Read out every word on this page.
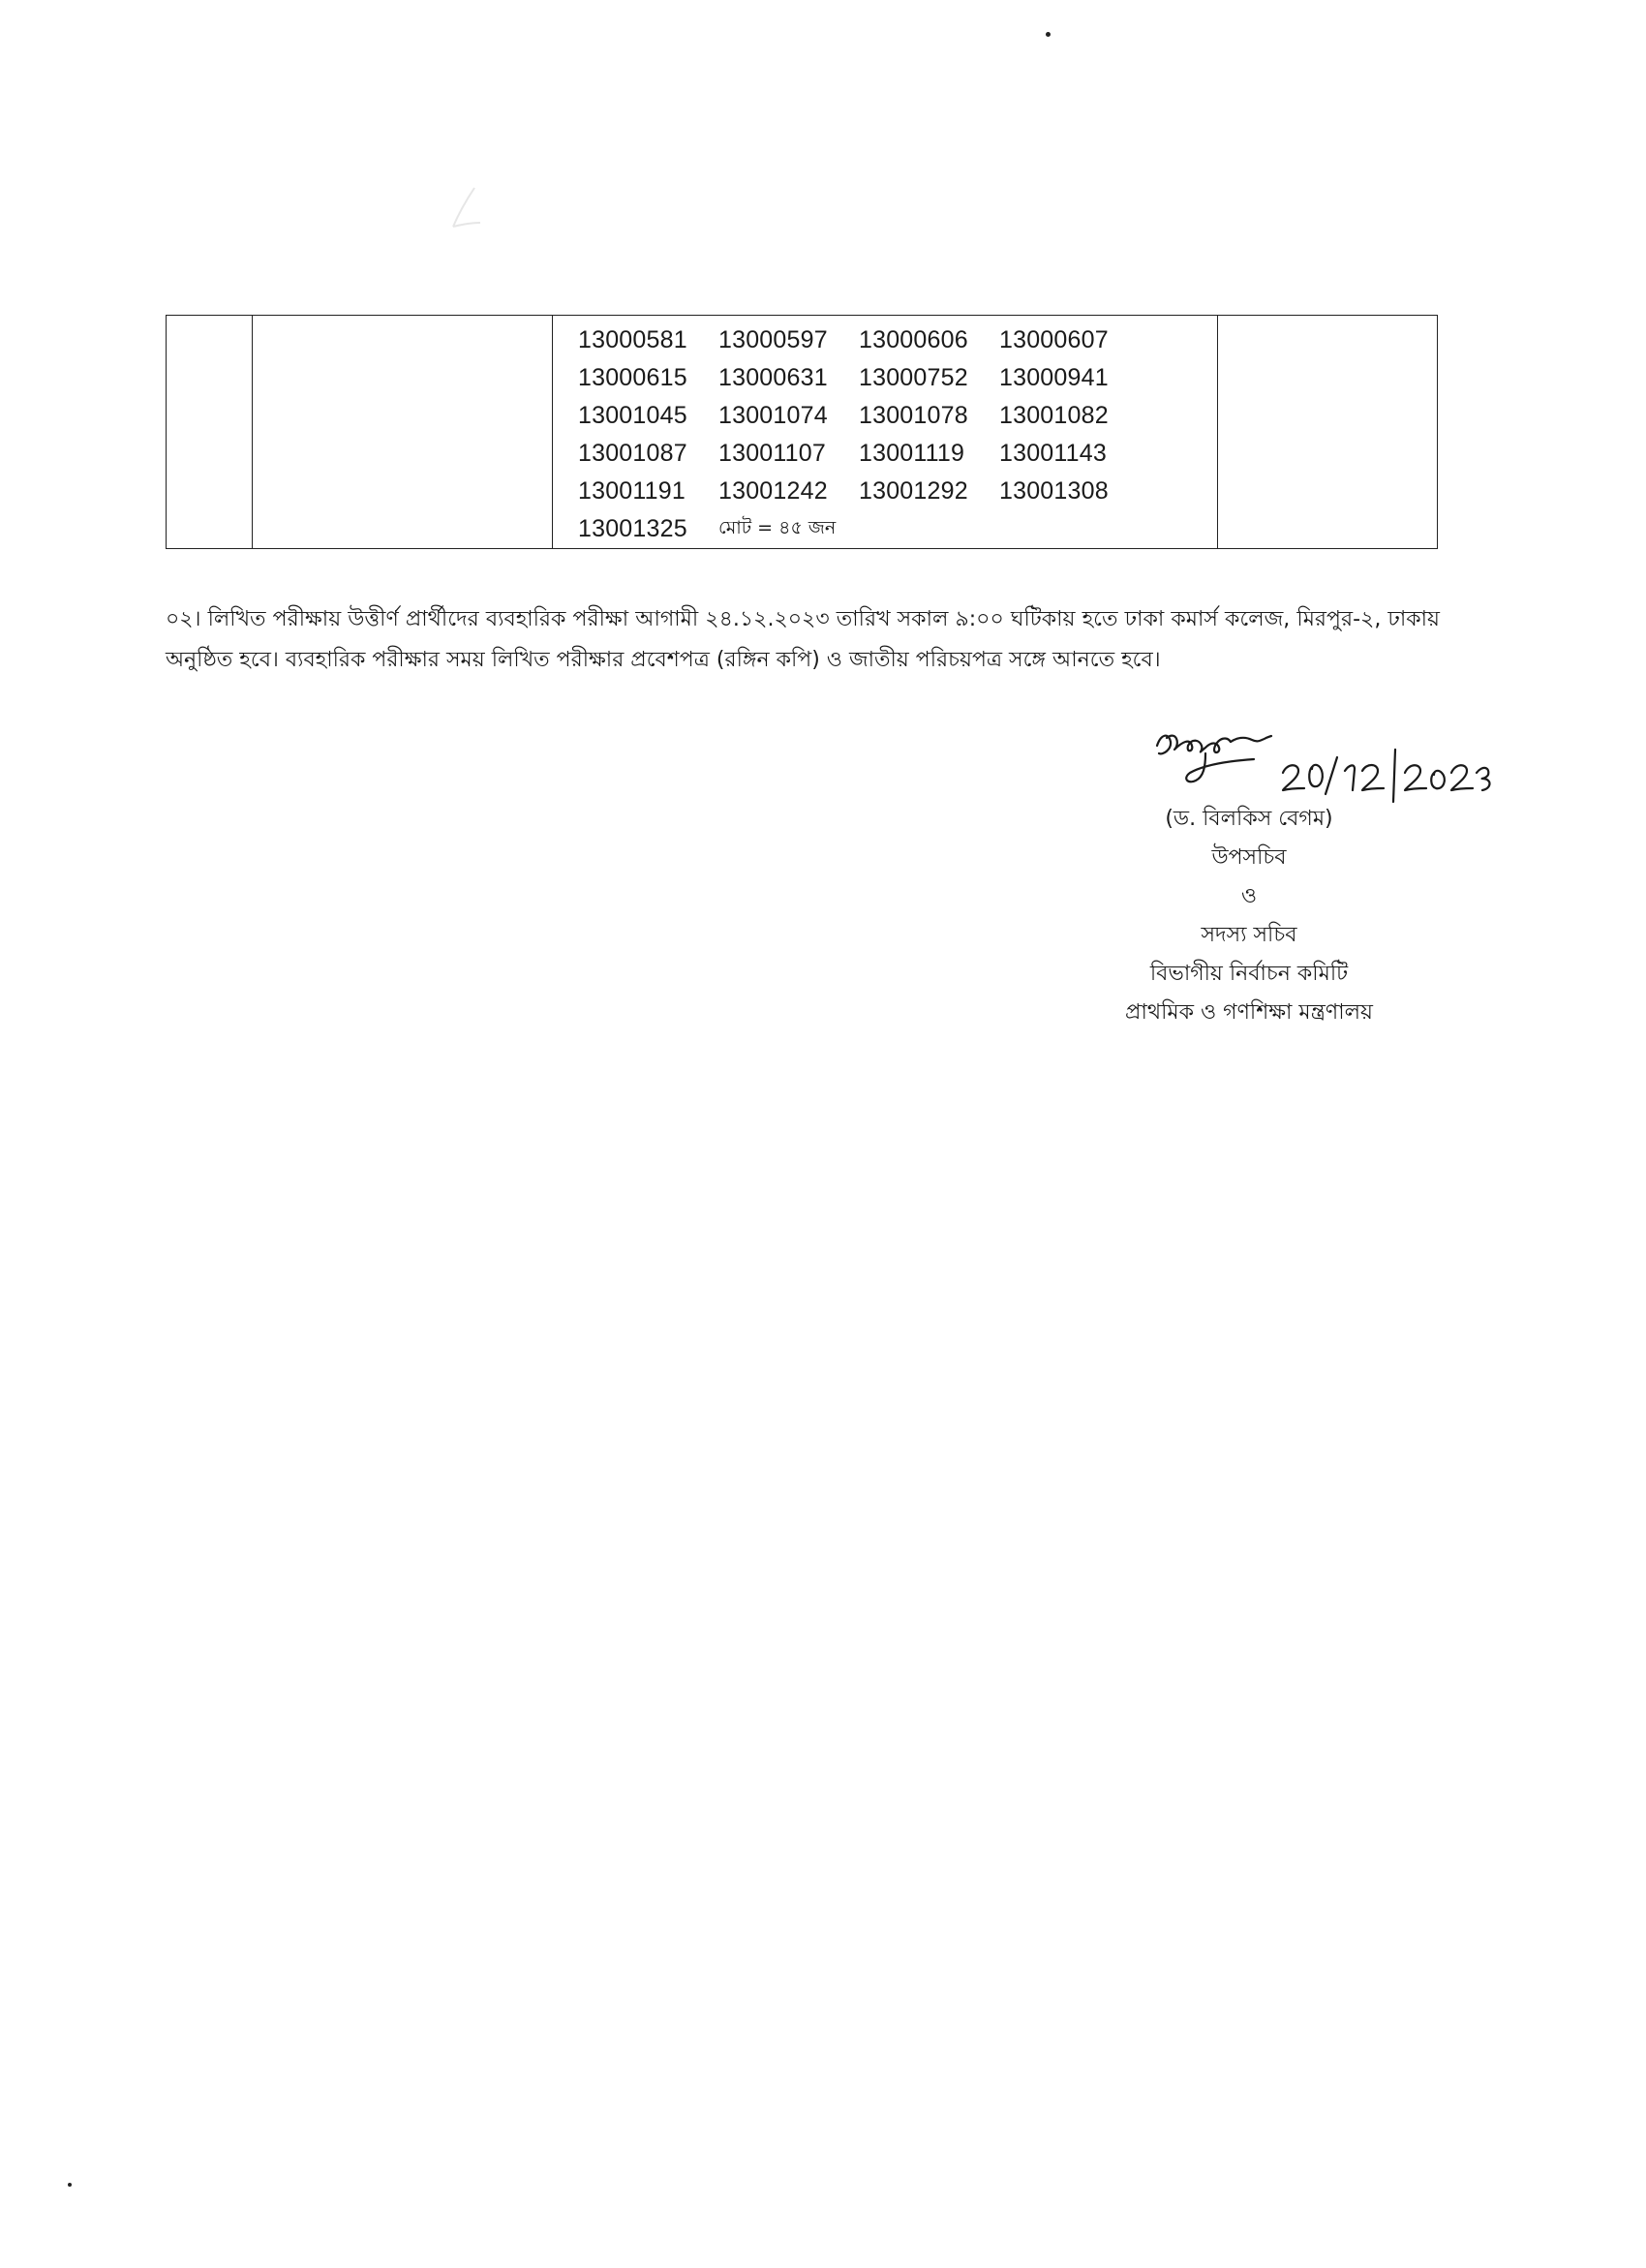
13000581	13000597	13000606	13000607
13000615	13000631	13000752	13000941
13001045	13001074	13001078	13001082
13001087	13001107	13001119	13001143
13001191	13001242	13001292	13001308
13001325	মোট = ৪৫ জন

০২। লিখিত পরীক্ষায় উত্তীর্ণ প্রার্থীদের ব্যবহারিক পরীক্ষা আগামী ২৪.১২.২০২৩ তারিখ সকাল ৯:০০ ঘটিকায় হতে ঢাকা কমার্স কলেজ, মিরপুর-২, ঢাকায় অনুষ্ঠিত হবে। ব্যবহারিক পরীক্ষার সময় লিখিত পরীক্ষার প্রবেশপত্র (রঙ্গিন কপি) ও জাতীয় পরিচয়পত্র সঙ্গে আনতে হবে।

(ড. বিলকিস বেগম)
উপসচিব
ও
সদস্য সচিব
বিভাগীয় নির্বাচন কমিটি
প্রাথমিক ও গণশিক্ষা মন্ত্রণালয়
